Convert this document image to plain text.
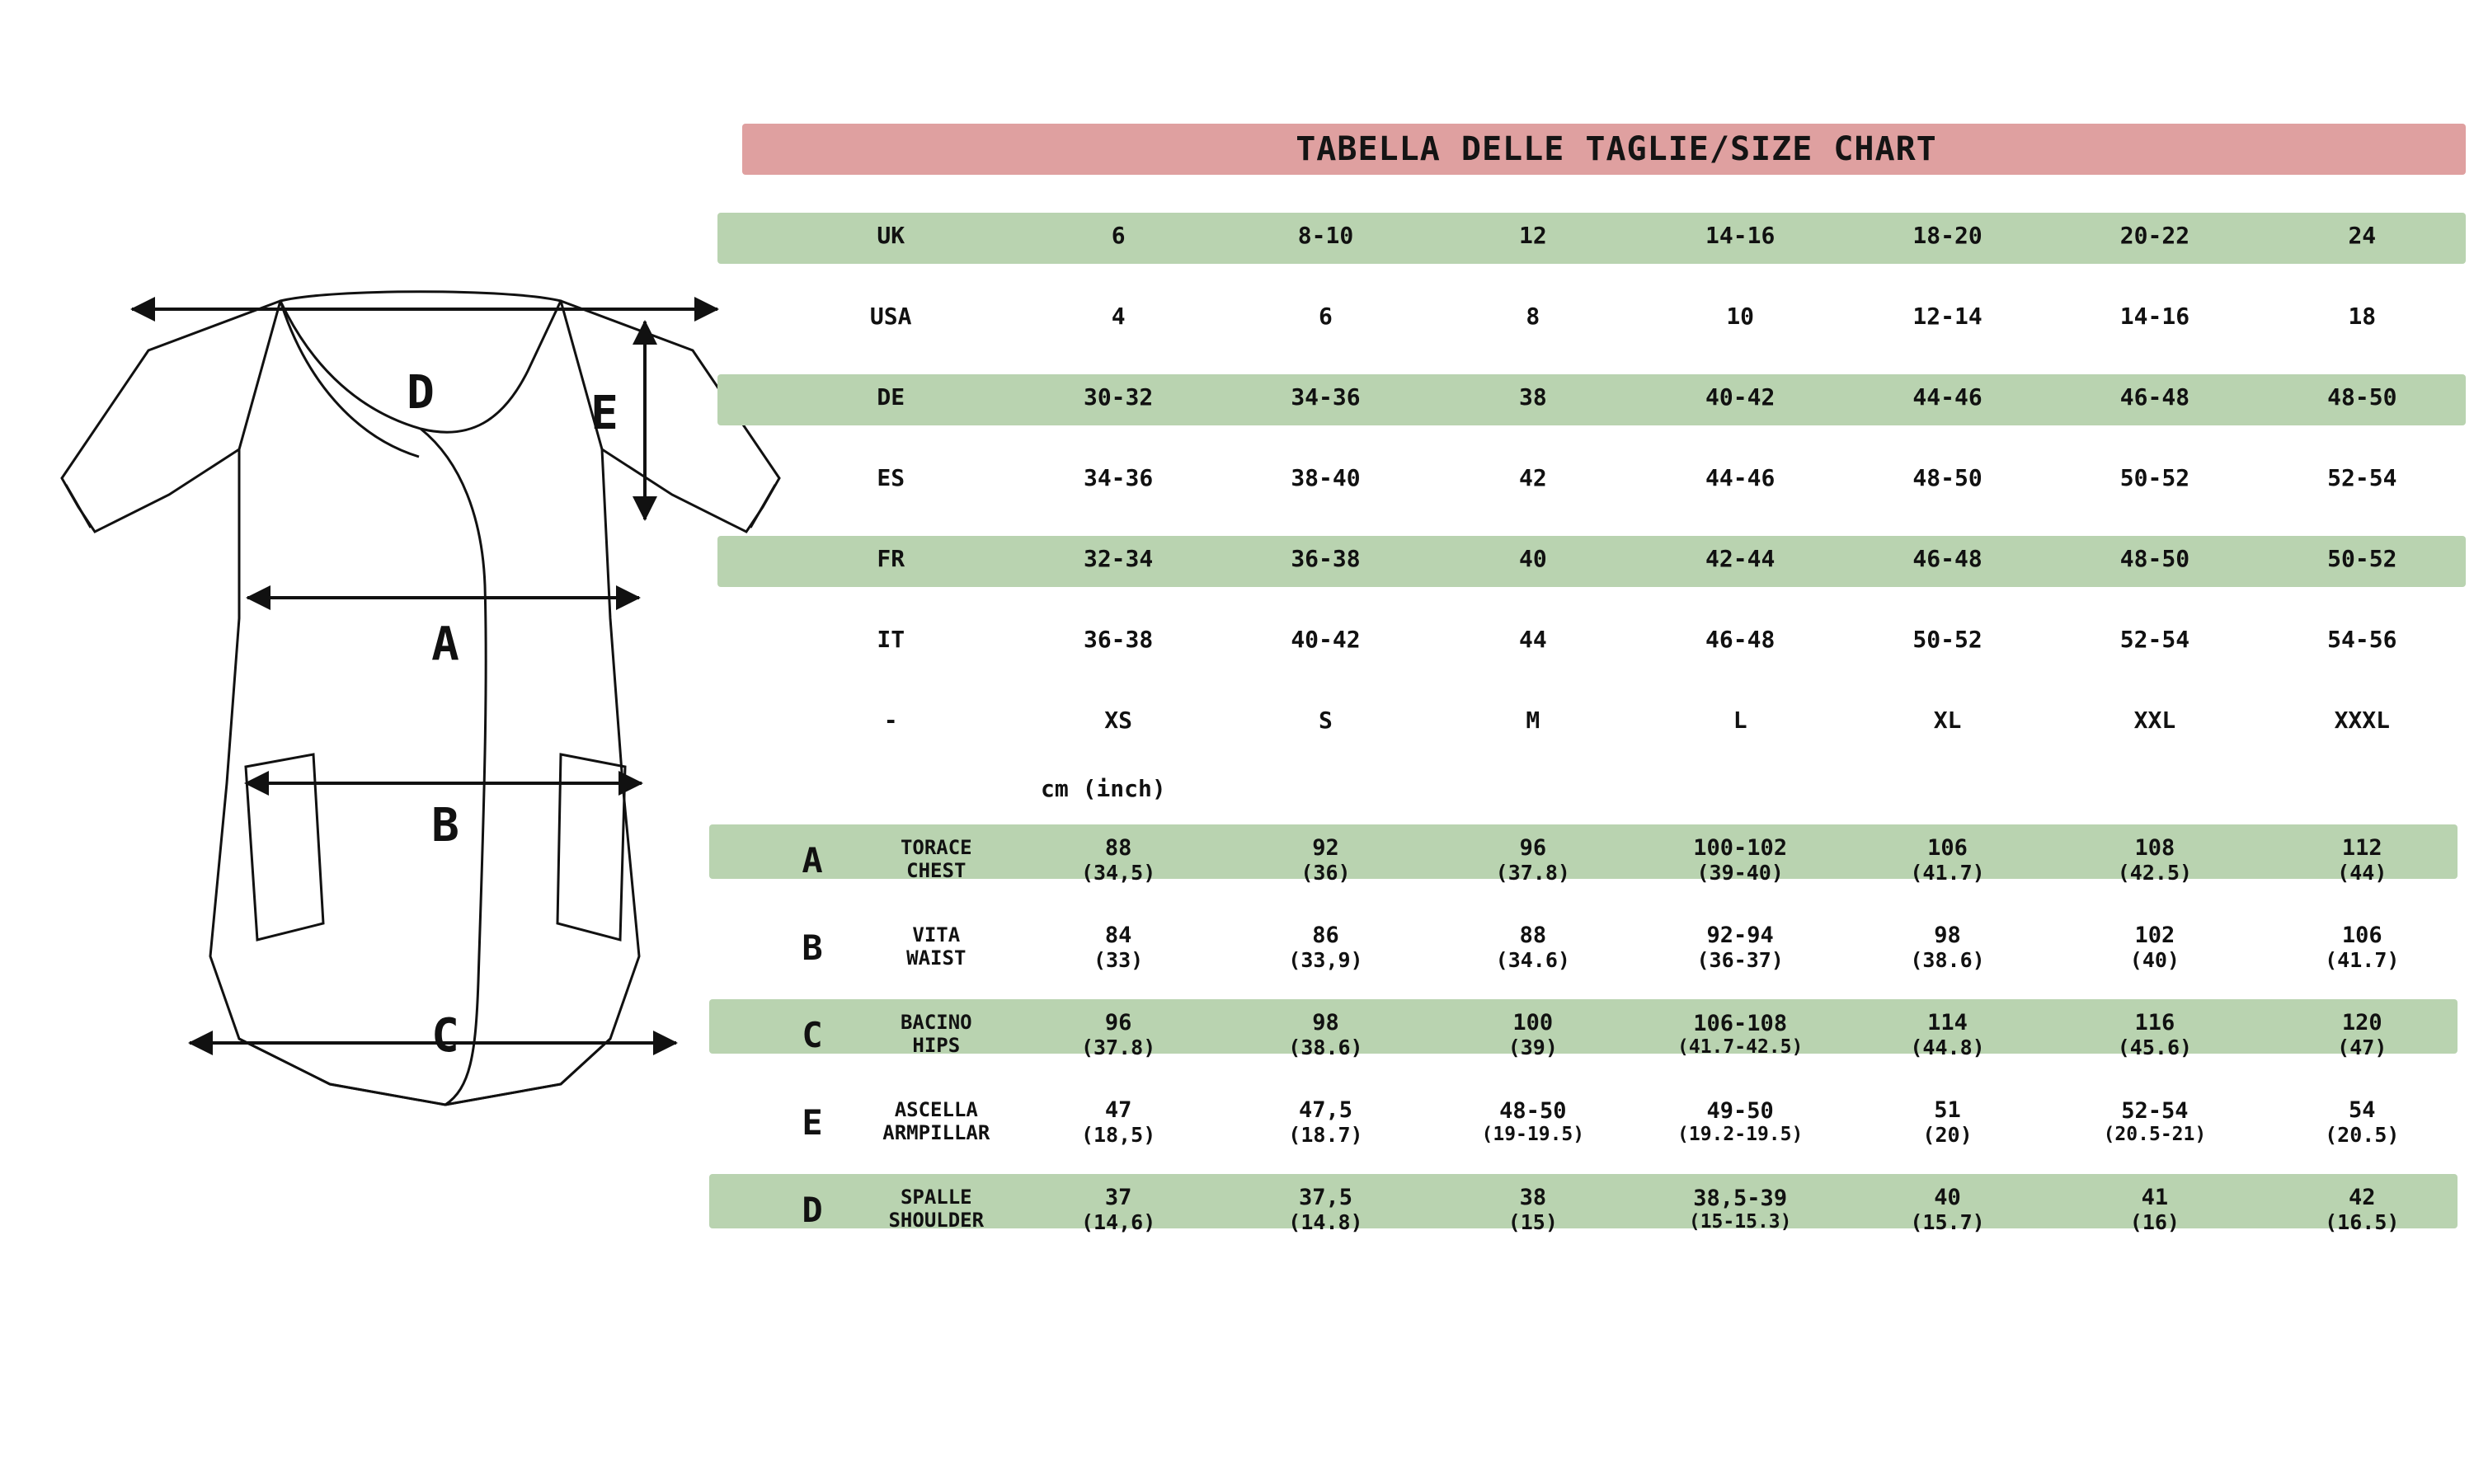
D	E
A
B
C
TABELLA DELLE TAGLIE/SIZE CHART
UK	6	8-10	12	14-16	18-20	20-22	24
USA	4	6	8	10	12-14	14-16	18
DE	30-32	34-36	38	40-42	44-46	46-48	48-50
ES	34-36	38-40	42	44-46	48-50	50-52	52-54
FR	32-34	36-38	40	42-44	46-48	48-50	50-52
IT	36-38	40-42	44	46-48	50-52	52-54	54-56
-	XS	S	M	L	XL	XXL	XXXL
cm (inch)
A	TORACE
CHEST

88
(34,5)

92
(36)

96
(37.8)

100-102
(39-40)

106
(41.7)

108
(42.5)

112
(44)

B	VITA
WAIST

84
(33)

86
(33,9)

88
(34.6)

92-94
(36-37)

98
(38.6)

102
(40)

106
(41.7)

C	BACINO
HIPS

96
(37.8)

98
(38.6)

100
(39)

106-108
(41.7-42.5)

114
(44.8)

116
(45.6)

120
(47)

E	ASCELLA
ARMPILLAR

47
(18,5)

47,5
(18.7)

48-50
(19-19.5)

49-50
(19.2-19.5)

51
(20)

52-54
(20.5-21)

54
(20.5)

D	SPALLE
SHOULDER

37
(14,6)

37,5
(14.8)

38
(15)

38,5-39
(15-15.3)

40
(15.7)

41
(16)

42
(16.5)
